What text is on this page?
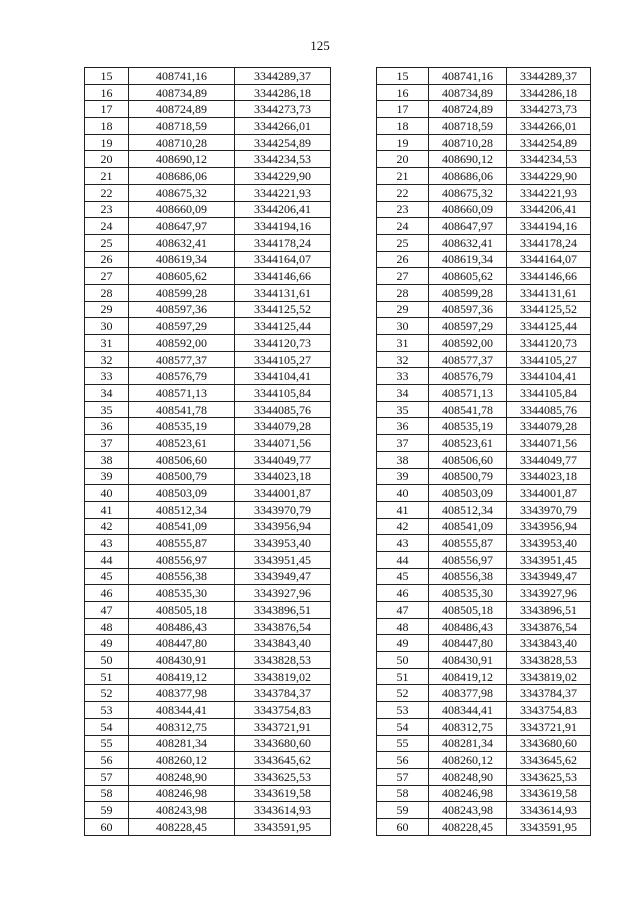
125
15	408741,16	3344289,37
16	408734,89	3344286,18
17	408724,89	3344273,73
18	408718,59	3344266,01
19	408710,28	3344254,89
20	408690,12	3344234,53
21	408686,06	3344229,90
22	408675,32	3344221,93
23	408660,09	3344206,41
24	408647,97	3344194,16
25	408632,41	3344178,24
26	408619,34	3344164,07
27	408605,62	3344146,66
28	408599,28	3344131,61
29	408597,36	3344125,52
30	408597,29	3344125,44
31	408592,00	3344120,73
32	408577,37	3344105,27
33	408576,79	3344104,41
34	408571,13	3344105,84
35	408541,78	3344085,76
36	408535,19	3344079,28
37	408523,61	3344071,56
38	408506,60	3344049,77
39	408500,79	3344023,18
40	408503,09	3344001,87
41	408512,34	3343970,79
42	408541,09	3343956,94
43	408555,87	3343953,40
44	408556,97	3343951,45
45	408556,38	3343949,47
46	408535,30	3343927,96
47	408505,18	3343896,51
48	408486,43	3343876,54
49	408447,80	3343843,40
50	408430,91	3343828,53
51	408419,12	3343819,02
52	408377,98	3343784,37
53	408344,41	3343754,83
54	408312,75	3343721,91
55	408281,34	3343680,60
56	408260,12	3343645,62
57	408248,90	3343625,53
58	408246,98	3343619,58
59	408243,98	3343614,93
60	408228,45	3343591,95
15	408741,16	3344289,37
16	408734,89	3344286,18
17	408724,89	3344273,73
18	408718,59	3344266,01
19	408710,28	3344254,89
20	408690,12	3344234,53
21	408686,06	3344229,90
22	408675,32	3344221,93
23	408660,09	3344206,41
24	408647,97	3344194,16
25	408632,41	3344178,24
26	408619,34	3344164,07
27	408605,62	3344146,66
28	408599,28	3344131,61
29	408597,36	3344125,52
30	408597,29	3344125,44
31	408592,00	3344120,73
32	408577,37	3344105,27
33	408576,79	3344104,41
34	408571,13	3344105,84
35	408541,78	3344085,76
36	408535,19	3344079,28
37	408523,61	3344071,56
38	408506,60	3344049,77
39	408500,79	3344023,18
40	408503,09	3344001,87
41	408512,34	3343970,79
42	408541,09	3343956,94
43	408555,87	3343953,40
44	408556,97	3343951,45
45	408556,38	3343949,47
46	408535,30	3343927,96
47	408505,18	3343896,51
48	408486,43	3343876,54
49	408447,80	3343843,40
50	408430,91	3343828,53
51	408419,12	3343819,02
52	408377,98	3343784,37
53	408344,41	3343754,83
54	408312,75	3343721,91
55	408281,34	3343680,60
56	408260,12	3343645,62
57	408248,90	3343625,53
58	408246,98	3343619,58
59	408243,98	3343614,93
60	408228,45	3343591,95
